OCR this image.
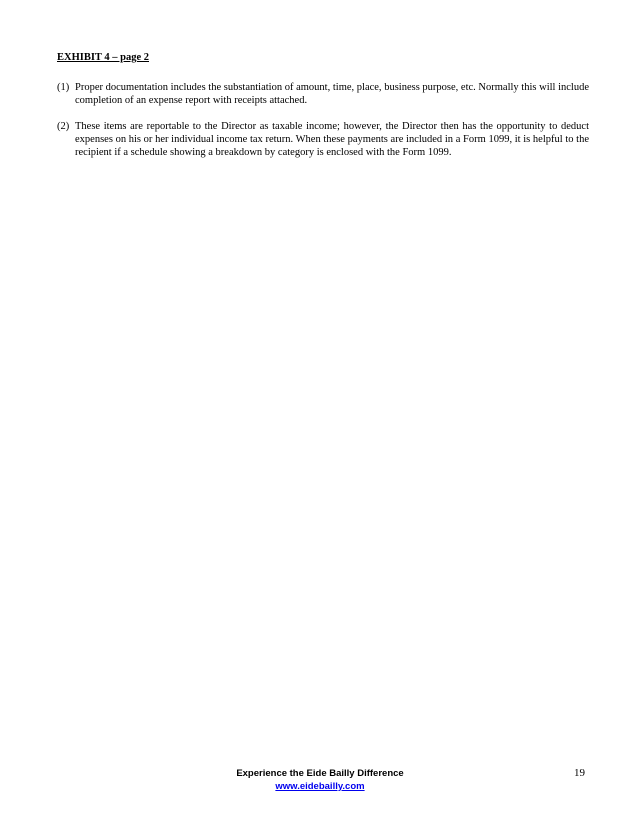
EXHIBIT 4 – page 2
(1) Proper documentation includes the substantiation of amount, time, place, business purpose, etc. Normally this will include completion of an expense report with receipts attached.
(2) These items are reportable to the Director as taxable income; however, the Director then has the opportunity to deduct expenses on his or her individual income tax return. When these payments are included in a Form 1099, it is helpful to the recipient if a schedule showing a breakdown by category is enclosed with the Form 1099.
Experience the Eide Bailly Difference
www.eidebailly.com
19
